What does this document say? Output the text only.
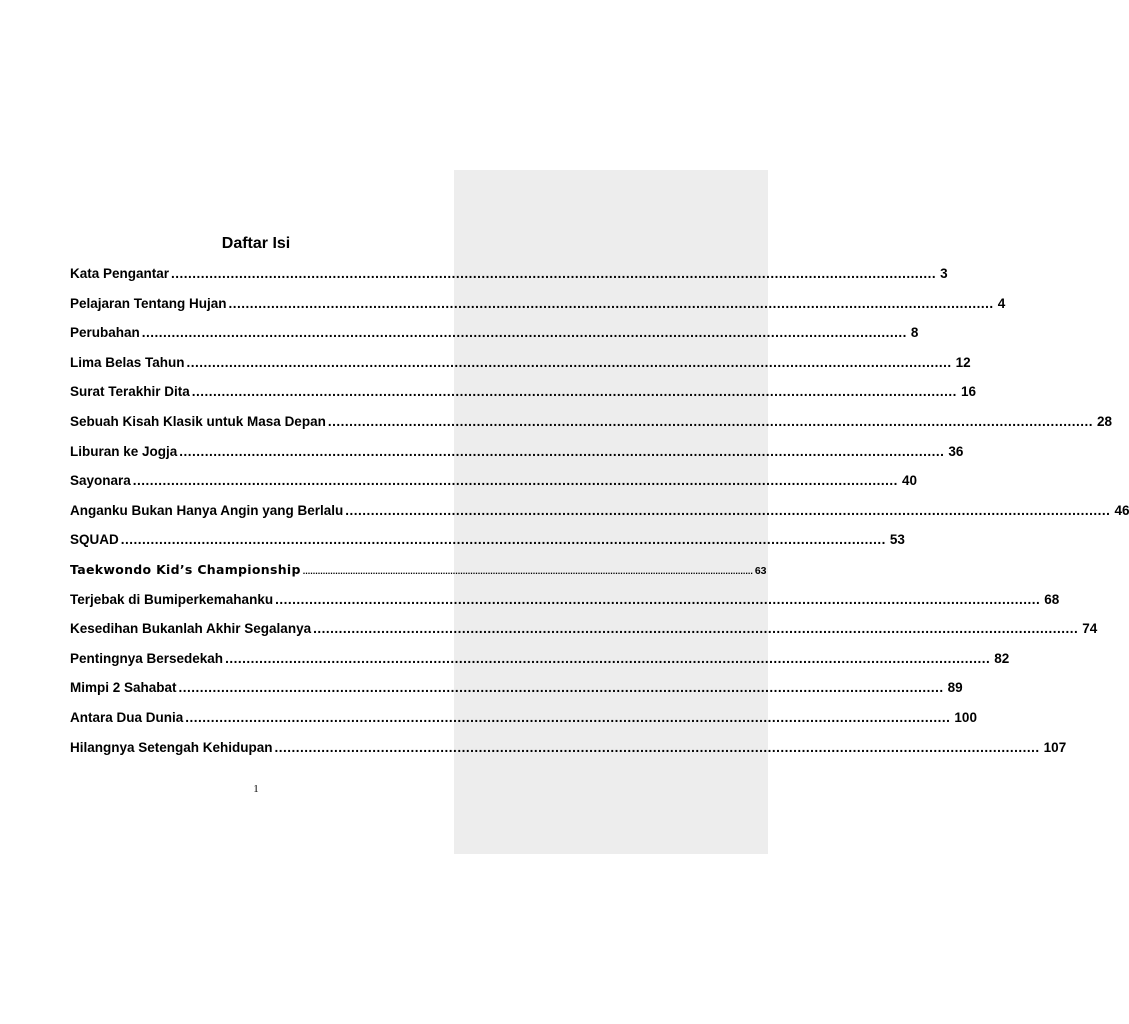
Daftar Isi
Kata Pengantar .................................................................................................................................................................................... 3
Pelajaran Tentang Hujan .................................................................................................................................................................................... 4
Perubahan .................................................................................................................................................................................... 8
Lima Belas Tahun .................................................................................................................................................................................... 12
Surat Terakhir Dita .................................................................................................................................................................................... 16
Sebuah Kisah Klasik untuk Masa Depan .................................................................................................................................................................................... 28
Liburan ke Jogja .................................................................................................................................................................................... 36
Sayonara .................................................................................................................................................................................... 40
Anganku Bukan Hanya Angin yang Berlalu .................................................................................................................................................................................... 46
SQUAD .................................................................................................................................................................................... 53
Taekwondo Kid’s Championship .................................................................................................................................................................................... 63
Terjebak di Bumiperkemahanku .................................................................................................................................................................................... 68
Kesedihan Bukanlah Akhir Segalanya .................................................................................................................................................................................... 74
Pentingnya Bersedekah .................................................................................................................................................................................... 82
Mimpi 2 Sahabat .................................................................................................................................................................................... 89
Antara Dua Dunia .................................................................................................................................................................................... 100
Hilangnya Setengah Kehidupan .................................................................................................................................................................................... 107

1
